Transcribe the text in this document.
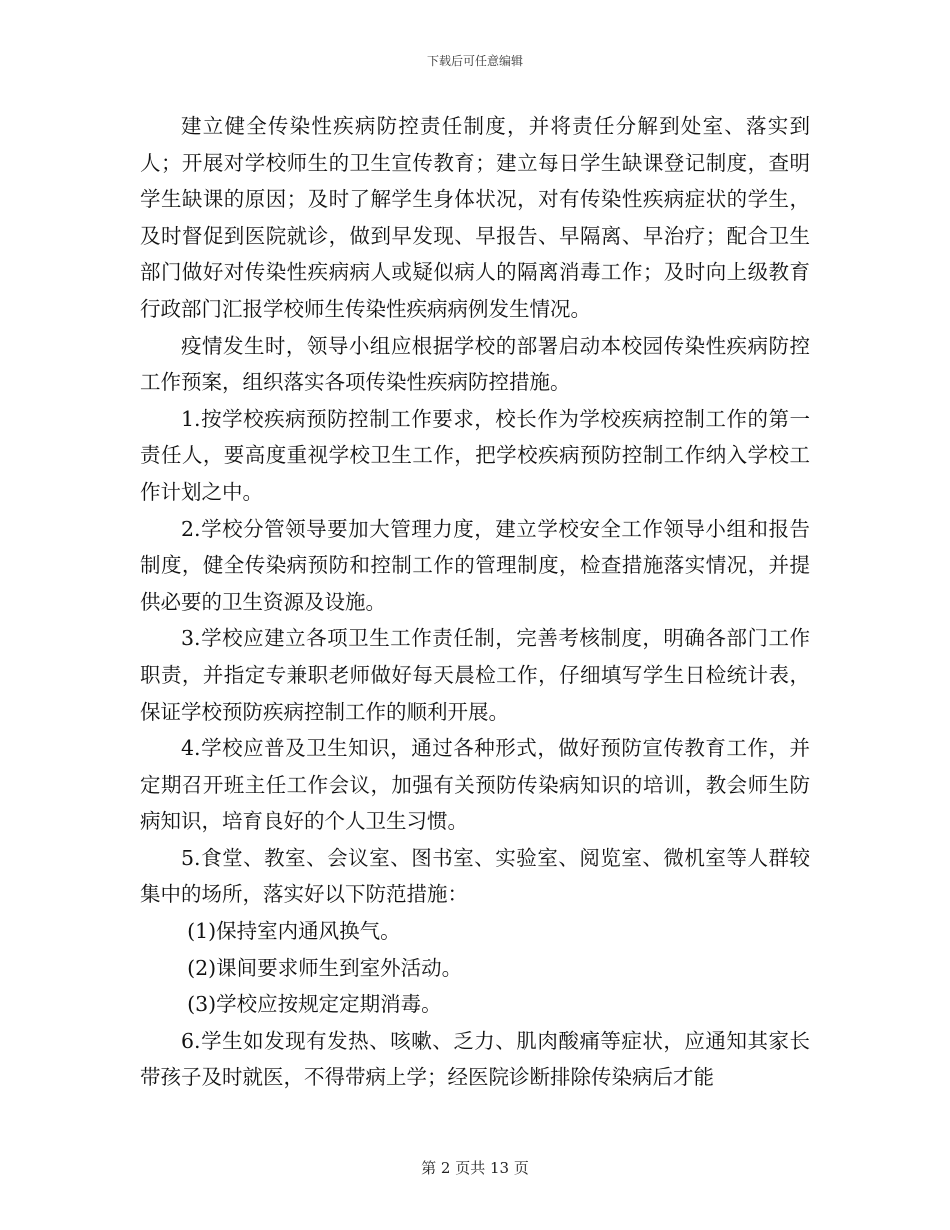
下载后可任意编辑

建立健全传染性疾病防控责任制度，并将责任分解到处室、落实到人；开展对学校师生的卫生宣传教育；建立每日学生缺课登记制度，查明学生缺课的原因；及时了解学生身体状况，对有传染性疾病症状的学生，及时督促到医院就诊，做到早发现、早报告、早隔离、早治疗；配合卫生部门做好对传染性疾病病人或疑似病人的隔离消毒工作；及时向上级教育行政部门汇报学校师生传染性疾病病例发生情况。

疫情发生时，领导小组应根据学校的部署启动本校园传染性疾病防控工作预案，组织落实各项传染性疾病防控措施。

1.按学校疾病预防控制工作要求，校长作为学校疾病控制工作的第一责任人，要高度重视学校卫生工作，把学校疾病预防控制工作纳入学校工作计划之中。

2.学校分管领导要加大管理力度，建立学校安全工作领导小组和报告制度，健全传染病预防和控制工作的管理制度，检查措施落实情况，并提供必要的卫生资源及设施。

3.学校应建立各项卫生工作责任制，完善考核制度，明确各部门工作职责，并指定专兼职老师做好每天晨检工作，仔细填写学生日检统计表，保证学校预防疾病控制工作的顺利开展。

4.学校应普及卫生知识，通过各种形式，做好预防宣传教育工作，并定期召开班主任工作会议，加强有关预防传染病知识的培训，教会师生防病知识，培育良好的个人卫生习惯。

5.食堂、教室、会议室、图书室、实验室、阅览室、微机室等人群较集中的场所，落实好以下防范措施：

(1)保持室内通风换气。

(2)课间要求师生到室外活动。

(3)学校应按规定定期消毒。

6.学生如发现有发热、咳嗽、乏力、肌肉酸痛等症状，应通知其家长带孩子及时就医，不得带病上学；经医院诊断排除传染病后才能

第 2 页共 13 页
